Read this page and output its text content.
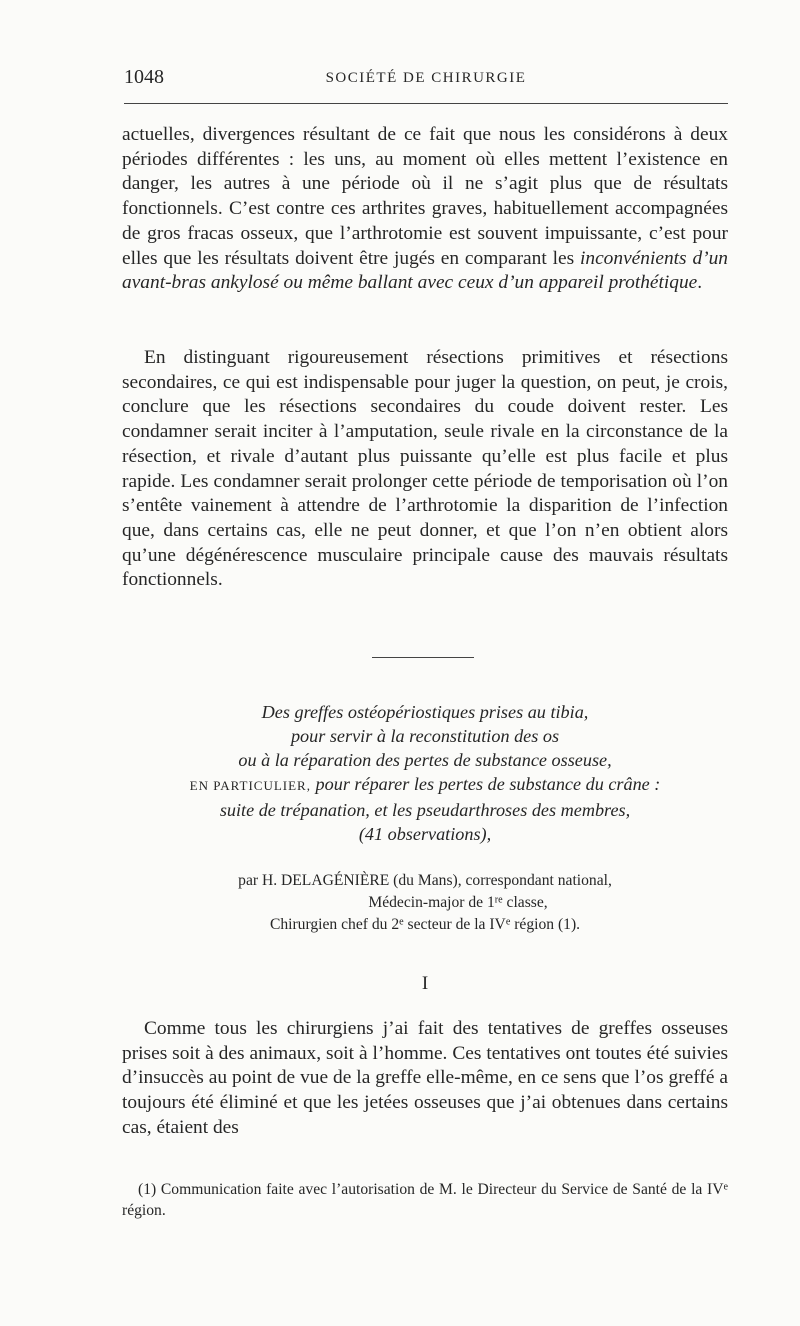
1048	SOCIÉTÉ DE CHIRURGIE

actuelles, divergences résultant de ce fait que nous les considérons à deux périodes différentes : les uns, au moment où elles mettent l’existence en danger, les autres à une période où il ne s’agit plus que de résultats fonctionnels. C’est contre ces arthrites graves, habituellement accompagnées de gros fracas osseux, que l’arthrotomie est souvent impuissante, c’est pour elles que les résultats doivent être jugés en comparant les inconvénients d’un avant-bras ankylosé ou même ballant avec ceux d’un appareil prothétique.

En distinguant rigoureusement résections primitives et résections secondaires, ce qui est indispensable pour juger la question, on peut, je crois, conclure que les résections secondaires du coude doivent rester. Les condamner serait inciter à l’amputation, seule rivale en la circonstance de la résection, et rivale d’autant plus puissante qu’elle est plus facile et plus rapide. Les condamner serait prolonger cette période de temporisation où l’on s’entête vainement à attendre de l’arthrotomie la disparition de l’infection que, dans certains cas, elle ne peut donner, et que l’on n’en obtient alors qu’une dégénérescence musculaire principale cause des mauvais résultats fonctionnels.

Des greffes ostéopériostiques prises au tibia,
pour servir à la reconstitution des os
ou à la réparation des pertes de substance osseuse,
EN PARTICULIER, pour réparer les pertes de substance du crâne :
suite de trépanation, et les pseudarthroses des membres,
(41 observations),
par H. DELAGÉNIÈRE (du Mans), correspondant national,
Médecin-major de 1re classe,
Chirurgien chef du 2e secteur de la IVe région (1).
I

Comme tous les chirurgiens j’ai fait des tentatives de greffes osseuses prises soit à des animaux, soit à l’homme. Ces tentatives ont toutes été suivies d’insuccès au point de vue de la greffe elle-même, en ce sens que l’os greffé a toujours été éliminé et que les jetées osseuses que j’ai obtenues dans certains cas, étaient des

(1) Communication faite avec l’autorisation de M. le Directeur du Service de Santé de la IVe région.
